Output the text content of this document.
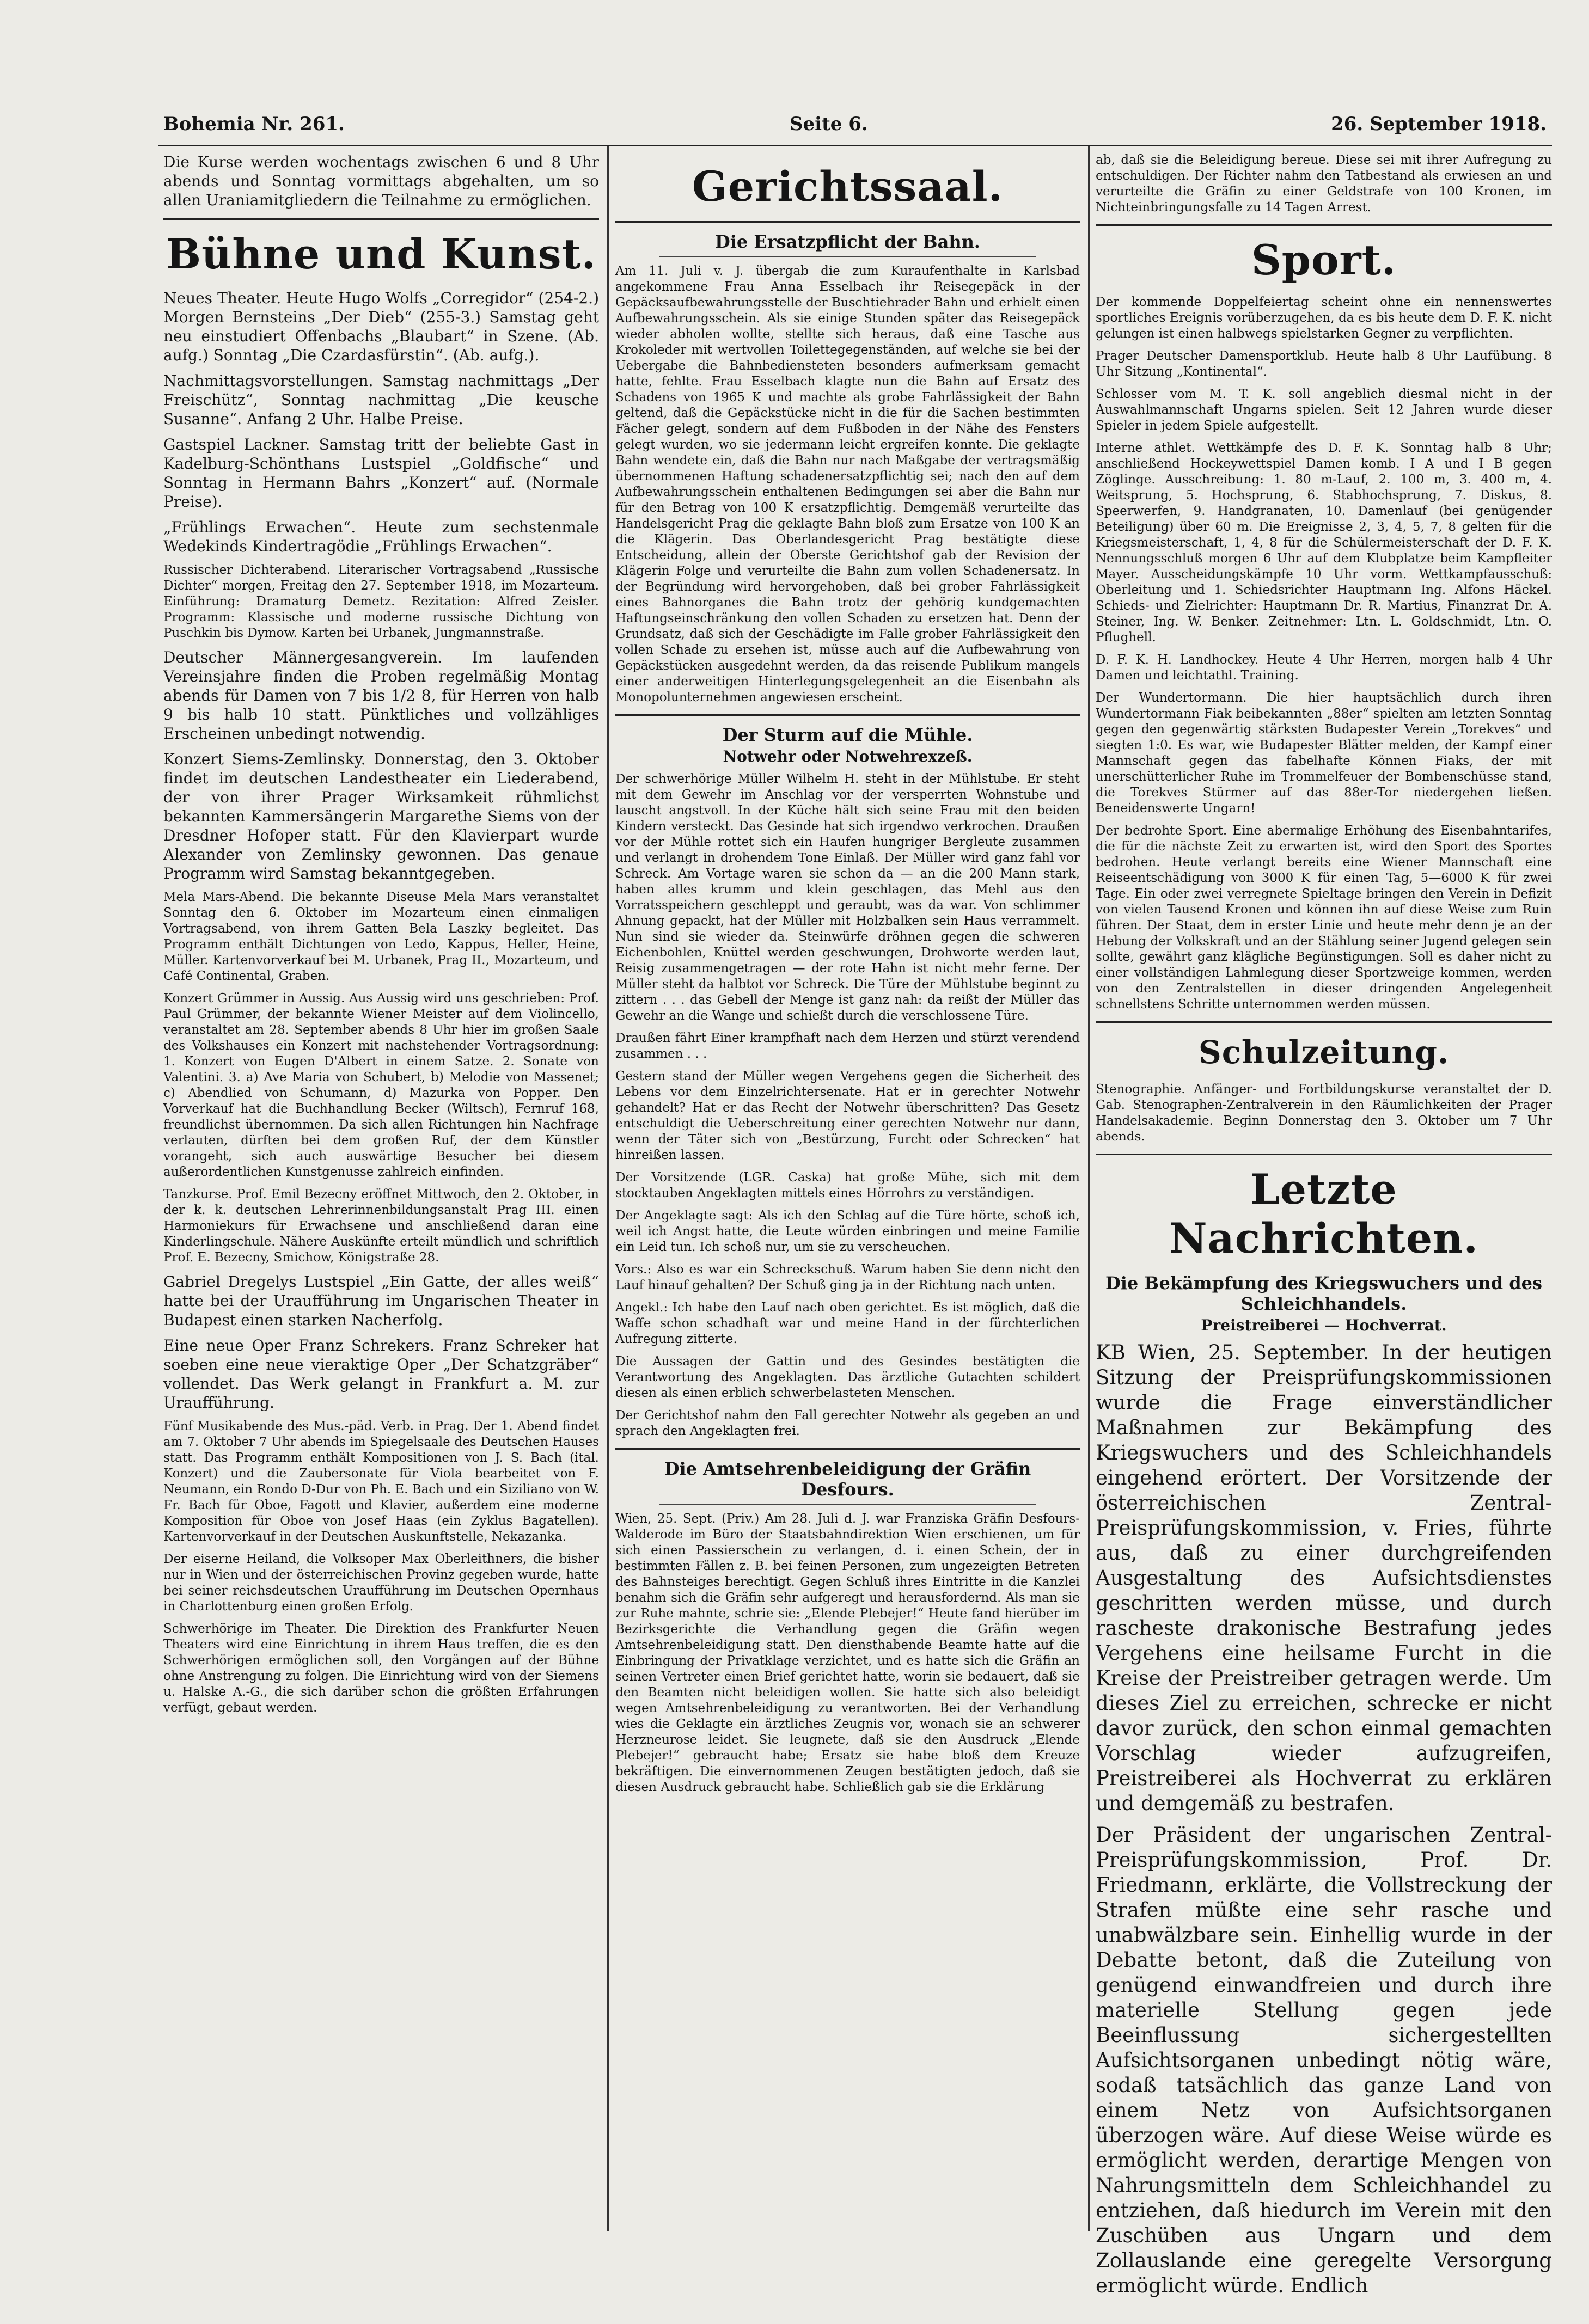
Bohemia Nr. 261.	Seite 6.	26. September 1918.

Die Kurse werden wochentags zwischen 6 und 8 Uhr abends und Sonntag vormittags abgehalten, um so allen Uraniamitgliedern die Teilnahme zu ermöglichen.

Bühne und Kunst.

Neues Theater. Heute Hugo Wolfs „Corregidor“ (254-2.) Morgen Bernsteins „Der Dieb“ (255-3.) Samstag geht neu einstudiert Offenbachs „Blaubart“ in Szene. (Ab. aufg.) Sonntag „Die Czardasfürstin“. (Ab. aufg.).

Nachmittagsvorstellungen. Samstag nachmittags „Der Freischütz“, Sonntag nachmittag „Die keusche Susanne“. Anfang 2 Uhr. Halbe Preise.

Gastspiel Lackner. Samstag tritt der beliebte Gast in Kadelburg-Schönthans Lustspiel „Goldfische“ und Sonntag in Hermann Bahrs „Konzert“ auf. (Normale Preise).

„Frühlings Erwachen“. Heute zum sechstenmale Wedekinds Kindertragödie „Frühlings Erwachen“.

Russischer Dichterabend. Literarischer Vortragsabend „Russische Dichter“ morgen, Freitag den 27. September 1918, im Mozarteum. Einführung: Dramaturg Demetz. Rezitation: Alfred Zeisler. Programm: Klassische und moderne russische Dichtung von Puschkin bis Dymow. Karten bei Urbanek, Jungmannstraße.

Deutscher Männergesangverein. Im laufenden Vereinsjahre finden die Proben regelmäßig Montag abends für Damen von 7 bis 1/2 8, für Herren von halb 9 bis halb 10 statt. Pünktliches und vollzähliges Erscheinen unbedingt notwendig.

Konzert Siems-Zemlinsky. Donnerstag, den 3. Oktober findet im deutschen Landestheater ein Liederabend, der von ihrer Prager Wirksamkeit rühmlichst bekannten Kammersängerin Margarethe Siems von der Dresdner Hofoper statt. Für den Klavierpart wurde Alexander von Zemlinsky gewonnen. Das genaue Programm wird Samstag bekanntgegeben.

Mela Mars-Abend. Die bekannte Diseuse Mela Mars veranstaltet Sonntag den 6. Oktober im Mozarteum einen einmaligen Vortragsabend, von ihrem Gatten Bela Laszky begleitet. Das Programm enthält Dichtungen von Ledo, Kappus, Heller, Heine, Müller. Kartenvorverkauf bei M. Urbanek, Prag II., Mozarteum, und Café Continental, Graben.

Konzert Grümmer in Aussig. Aus Aussig wird uns geschrieben: Prof. Paul Grümmer, der bekannte Wiener Meister auf dem Violincello, veranstaltet am 28. September abends 8 Uhr hier im großen Saale des Volkshauses ein Konzert mit nachstehender Vortragsordnung: 1. Konzert von Eugen D'Albert in einem Satze. 2. Sonate von Valentini. 3. a) Ave Maria von Schubert, b) Melodie von Massenet; c) Abendlied von Schumann, d) Mazurka von Popper. Den Vorverkauf hat die Buchhandlung Becker (Wiltsch), Fernruf 168, freundlichst übernommen. Da sich allen Richtungen hin Nachfrage verlauten, dürften bei dem großen Ruf, der dem Künstler vorangeht, sich auch auswärtige Besucher bei diesem außerordentlichen Kunstgenusse zahlreich einfinden.

Tanzkurse. Prof. Emil Bezecny eröffnet Mittwoch, den 2. Oktober, in der k. k. deutschen Lehrerinnenbildungsanstalt Prag III. einen Harmoniekurs für Erwachsene und anschließend daran eine Kinderlingschule. Nähere Auskünfte erteilt mündlich und schriftlich Prof. E. Bezecny, Smichow, Königstraße 28.

Gabriel Dregelys Lustspiel „Ein Gatte, der alles weiß“ hatte bei der Uraufführung im Ungarischen Theater in Budapest einen starken Nacherfolg.

Eine neue Oper Franz Schrekers. Franz Schreker hat soeben eine neue vieraktige Oper „Der Schatzgräber“ vollendet. Das Werk gelangt in Frankfurt a. M. zur Uraufführung.

Fünf Musikabende des Mus.-päd. Verb. in Prag. Der 1. Abend findet am 7. Oktober 7 Uhr abends im Spiegelsaale des Deutschen Hauses statt. Das Programm enthält Kompositionen von J. S. Bach (ital. Konzert) und die Zaubersonate für Viola bearbeitet von F. Neumann, ein Rondo D-Dur von Ph. E. Bach und ein Siziliano von W. Fr. Bach für Oboe, Fagott und Klavier, außerdem eine moderne Komposition für Oboe von Josef Haas (ein Zyklus Bagatellen). Kartenvorverkauf in der Deutschen Auskunftstelle, Nekazanka.

Der eiserne Heiland, die Volksoper Max Oberleithners, die bisher nur in Wien und der österreichischen Provinz gegeben wurde, hatte bei seiner reichsdeutschen Uraufführung im Deutschen Opernhaus in Charlottenburg einen großen Erfolg.

Schwerhörige im Theater. Die Direktion des Frankfurter Neuen Theaters wird eine Einrichtung in ihrem Haus treffen, die es den Schwerhörigen ermöglichen soll, den Vorgängen auf der Bühne ohne Anstrengung zu folgen. Die Einrichtung wird von der Siemens u. Halske A.-G., die sich darüber schon die größten Erfahrungen verfügt, gebaut werden.

Gerichtssaal.
Die Ersatzpflicht der Bahn.

Am 11. Juli v. J. übergab die zum Kuraufenthalte in Karlsbad angekommene Frau Anna Esselbach ihr Reisegepäck in der Gepäcksaufbewahrungsstelle der Buschtiehrader Bahn und erhielt einen Aufbewahrungsschein. Als sie einige Stunden später das Reisegepäck wieder abholen wollte, stellte sich heraus, daß eine Tasche aus Krokoleder mit wertvollen Toilettegegenständen, auf welche sie bei der Uebergabe die Bahnbediensteten besonders aufmerksam gemacht hatte, fehlte. Frau Esselbach klagte nun die Bahn auf Ersatz des Schadens von 1965 K und machte als grobe Fahrlässigkeit der Bahn geltend, daß die Gepäckstücke nicht in die für die Sachen bestimmten Fächer gelegt, sondern auf dem Fußboden in der Nähe des Fensters gelegt wurden, wo sie jedermann leicht ergreifen konnte. Die geklagte Bahn wendete ein, daß die Bahn nur nach Maßgabe der vertragsmäßig übernommenen Haftung schadenersatzpflichtig sei; nach den auf dem Aufbewahrungsschein enthaltenen Bedingungen sei aber die Bahn nur für den Betrag von 100 K ersatzpflichtig. Demgemäß verurteilte das Handelsgericht Prag die geklagte Bahn bloß zum Ersatze von 100 K an die Klägerin. Das Oberlandesgericht Prag bestätigte diese Entscheidung, allein der Oberste Gerichtshof gab der Revision der Klägerin Folge und verurteilte die Bahn zum vollen Schadenersatz. In der Begründung wird hervorgehoben, daß bei grober Fahrlässigkeit eines Bahnorganes die Bahn trotz der gehörig kundgemachten Haftungseinschränkung den vollen Schaden zu ersetzen hat. Denn der Grundsatz, daß sich der Geschädigte im Falle grober Fahrlässigkeit den vollen Schade zu ersehen ist, müsse auch auf die Aufbewahrung von Gepäckstücken ausgedehnt werden, da das reisende Publikum mangels einer anderweitigen Hinterlegungsgelegenheit an die Eisenbahn als Monopolunternehmen angewiesen erscheint.

Der Sturm auf die Mühle.
Notwehr oder Notwehrexzeß.

Der schwerhörige Müller Wilhelm H. steht in der Mühlstube. Er steht mit dem Gewehr im Anschlag vor der versperrten Wohnstube und lauscht angstvoll. In der Küche hält sich seine Frau mit den beiden Kindern versteckt. Das Gesinde hat sich irgendwo verkrochen. Draußen vor der Mühle rottet sich ein Haufen hungriger Bergleute zusammen und verlangt in drohendem Tone Einlaß. Der Müller wird ganz fahl vor Schreck. Am Vortage waren sie schon da — an die 200 Mann stark, haben alles krumm und klein geschlagen, das Mehl aus den Vorratsspeichern geschleppt und geraubt, was da war. Von schlimmer Ahnung gepackt, hat der Müller mit Holzbalken sein Haus verrammelt. Nun sind sie wieder da. Steinwürfe dröhnen gegen die schweren Eichenbohlen, Knüttel werden geschwungen, Drohworte werden laut, Reisig zusammengetragen — der rote Hahn ist nicht mehr ferne. Der Müller steht da halbtot vor Schreck. Die Türe der Mühlstube beginnt zu zittern . . . das Gebell der Menge ist ganz nah: da reißt der Müller das Gewehr an die Wange und schießt durch die verschlossene Türe.

Draußen fährt Einer krampfhaft nach dem Herzen und stürzt verendend zusammen . . .

Gestern stand der Müller wegen Vergehens gegen die Sicherheit des Lebens vor dem Einzelrichtersenate. Hat er in gerechter Notwehr gehandelt? Hat er das Recht der Notwehr überschritten? Das Gesetz entschuldigt die Ueberschreitung einer gerechten Notwehr nur dann, wenn der Täter sich von „Bestürzung, Furcht oder Schrecken“ hat hinreißen lassen.

Der Vorsitzende (LGR. Caska) hat große Mühe, sich mit dem stocktauben Angeklagten mittels eines Hörrohrs zu verständigen.

Der Angeklagte sagt: Als ich den Schlag auf die Türe hörte, schoß ich, weil ich Angst hatte, die Leute würden einbringen und meine Familie ein Leid tun. Ich schoß nur, um sie zu verscheuchen.

Vors.: Also es war ein Schreckschuß. Warum haben Sie denn nicht den Lauf hinauf gehalten? Der Schuß ging ja in der Richtung nach unten.

Angekl.: Ich habe den Lauf nach oben gerichtet. Es ist möglich, daß die Waffe schon schadhaft war und meine Hand in der fürchterlichen Aufregung zitterte.

Die Aussagen der Gattin und des Gesindes bestätigten die Verantwortung des Angeklagten. Das ärztliche Gutachten schildert diesen als einen erblich schwerbelasteten Menschen.

Der Gerichtshof nahm den Fall gerechter Notwehr als gegeben an und sprach den Angeklagten frei.

Die Amtsehrenbeleidigung der Gräfin Desfours.

Wien, 25. Sept. (Priv.) Am 28. Juli d. J. war Franziska Gräfin Desfours-Walderode im Büro der Staatsbahndirektion Wien erschienen, um für sich einen Passierschein zu verlangen, d. i. einen Schein, der in bestimmten Fällen z. B. bei feinen Personen, zum ungezeigten Betreten des Bahnsteiges berechtigt. Gegen Schluß ihres Eintritte in die Kanzlei benahm sich die Gräfin sehr aufgeregt und herausfordernd. Als man sie zur Ruhe mahnte, schrie sie: „Elende Plebejer!“ Heute fand hierüber im Bezirksgerichte die Verhandlung gegen die Gräfin wegen Amtsehrenbeleidigung statt. Den diensthabende Beamte hatte auf die Einbringung der Privatklage verzichtet, und es hatte sich die Gräfin an seinen Vertreter einen Brief gerichtet hatte, worin sie bedauert, daß sie den Beamten nicht beleidigen wollen. Sie hatte sich also beleidigt wegen Amtsehrenbeleidigung zu verantworten. Bei der Verhandlung wies die Geklagte ein ärztliches Zeugnis vor, wonach sie an schwerer Herzneurose leidet. Sie leugnete, daß sie den Ausdruck „Elende Plebejer!“ gebraucht habe; Ersatz sie habe bloß dem Kreuze bekräftigen. Die einvernommenen Zeugen bestätigten jedoch, daß sie diesen Ausdruck gebraucht habe. Schließlich gab sie die Erklärung

ab, daß sie die Beleidigung bereue. Diese sei mit ihrer Aufregung zu entschuldigen. Der Richter nahm den Tatbestand als erwiesen an und verurteilte die Gräfin zu einer Geldstrafe von 100 Kronen, im Nichteinbringungsfalle zu 14 Tagen Arrest.

Sport.

Der kommende Doppelfeiertag scheint ohne ein nennenswertes sportliches Ereignis vorüberzugehen, da es bis heute dem D. F. K. nicht gelungen ist einen halbwegs spielstarken Gegner zu verpflichten.

Prager Deutscher Damensportklub. Heute halb 8 Uhr Laufübung. 8 Uhr Sitzung „Kontinental“.

Schlosser vom M. T. K. soll angeblich diesmal nicht in der Auswahlmannschaft Ungarns spielen. Seit 12 Jahren wurde dieser Spieler in jedem Spiele aufgestellt.

Interne athlet. Wettkämpfe des D. F. K. Sonntag halb 8 Uhr; anschließend Hockeywettspiel Damen komb. I A und I B gegen Zöglinge. Ausschreibung: 1. 80 m-Lauf, 2. 100 m, 3. 400 m, 4. Weitsprung, 5. Hochsprung, 6. Stabhochsprung, 7. Diskus, 8. Speerwerfen, 9. Handgranaten, 10. Damenlauf (bei genügender Beteiligung) über 60 m. Die Ereignisse 2, 3, 4, 5, 7, 8 gelten für die Kriegsmeisterschaft, 1, 4, 8 für die Schülermeisterschaft der D. F. K. Nennungsschluß morgen 6 Uhr auf dem Klubplatze beim Kampfleiter Mayer. Ausscheidungskämpfe 10 Uhr vorm. Wettkampfausschuß: Oberleitung und 1. Schiedsrichter Hauptmann Ing. Alfons Häckel. Schieds- und Zielrichter: Hauptmann Dr. R. Martius, Finanzrat Dr. A. Steiner, Ing. W. Benker. Zeitnehmer: Ltn. L. Goldschmidt, Ltn. O. Pflughell.

D. F. K. H. Landhockey. Heute 4 Uhr Herren, morgen halb 4 Uhr Damen und leichtathl. Training.

Der Wundertormann. Die hier hauptsächlich durch ihren Wundertormann Fiak beibekannten „88er“ spielten am letzten Sonntag gegen den gegenwärtig stärksten Budapester Verein „Torekves“ und siegten 1:0. Es war, wie Budapester Blätter melden, der Kampf einer Mannschaft gegen das fabelhafte Können Fiaks, der mit unerschütterlicher Ruhe im Trommelfeuer der Bombenschüsse stand, die Torekves Stürmer auf das 88er-Tor niedergehen ließen. Beneidenswerte Ungarn!

Der bedrohte Sport. Eine abermalige Erhöhung des Eisenbahntarifes, die für die nächste Zeit zu erwarten ist, wird den Sport des Sportes bedrohen. Heute verlangt bereits eine Wiener Mannschaft eine Reiseentschädigung von 3000 K für einen Tag, 5—6000 K für zwei Tage. Ein oder zwei verregnete Spieltage bringen den Verein in Defizit von vielen Tausend Kronen und können ihn auf diese Weise zum Ruin führen. Der Staat, dem in erster Linie und heute mehr denn je an der Hebung der Volkskraft und an der Stählung seiner Jugend gelegen sein sollte, gewährt ganz klägliche Begünstigungen. Soll es daher nicht zu einer vollständigen Lahmlegung dieser Sportzweige kommen, werden von den Zentralstellen in dieser dringenden Angelegenheit schnellstens Schritte unternommen werden müssen.

Schulzeitung.

Stenographie. Anfänger- und Fortbildungskurse veranstaltet der D. Gab. Stenographen-Zentralverein in den Räumlichkeiten der Prager Handelsakademie. Beginn Donnerstag den 3. Oktober um 7 Uhr abends.

Letzte Nachrichten.
Die Bekämpfung des Kriegswuchers und des Schleichhandels.
Preistreiberei — Hochverrat.

KB Wien, 25. September. In der heutigen Sitzung der Preisprüfungskommissionen wurde die Frage einverständlicher Maßnahmen zur Bekämpfung des Kriegswuchers und des Schleichhandels eingehend erörtert. Der Vorsitzende der österreichischen Zentral-Preisprüfungskommission, v. Fries, führte aus, daß zu einer durchgreifenden Ausgestaltung des Aufsichtsdienstes geschritten werden müsse, und durch rascheste drakonische Bestrafung jedes Vergehens eine heilsame Furcht in die Kreise der Preistreiber getragen werde. Um dieses Ziel zu erreichen, schrecke er nicht davor zurück, den schon einmal gemachten Vorschlag wieder aufzugreifen, Preistreiberei als Hochverrat zu erklären und demgemäß zu bestrafen.

Der Präsident der ungarischen Zentral-Preisprüfungskommission, Prof. Dr. Friedmann, erklärte, die Vollstreckung der Strafen müßte eine sehr rasche und unabwälzbare sein. Einhellig wurde in der Debatte betont, daß die Zuteilung von genügend einwandfreien und durch ihre materielle Stellung gegen jede Beeinflussung sichergestellten Aufsichtsorganen unbedingt nötig wäre, sodaß tatsächlich das ganze Land von einem Netz von Aufsichtsorganen überzogen wäre. Auf diese Weise würde es ermöglicht werden, derartige Mengen von Nahrungsmitteln dem Schleichhandel zu entziehen, daß hiedurch im Verein mit den Zuschüben aus Ungarn und dem Zollauslande eine geregelte Versorgung ermöglicht würde. Endlich
